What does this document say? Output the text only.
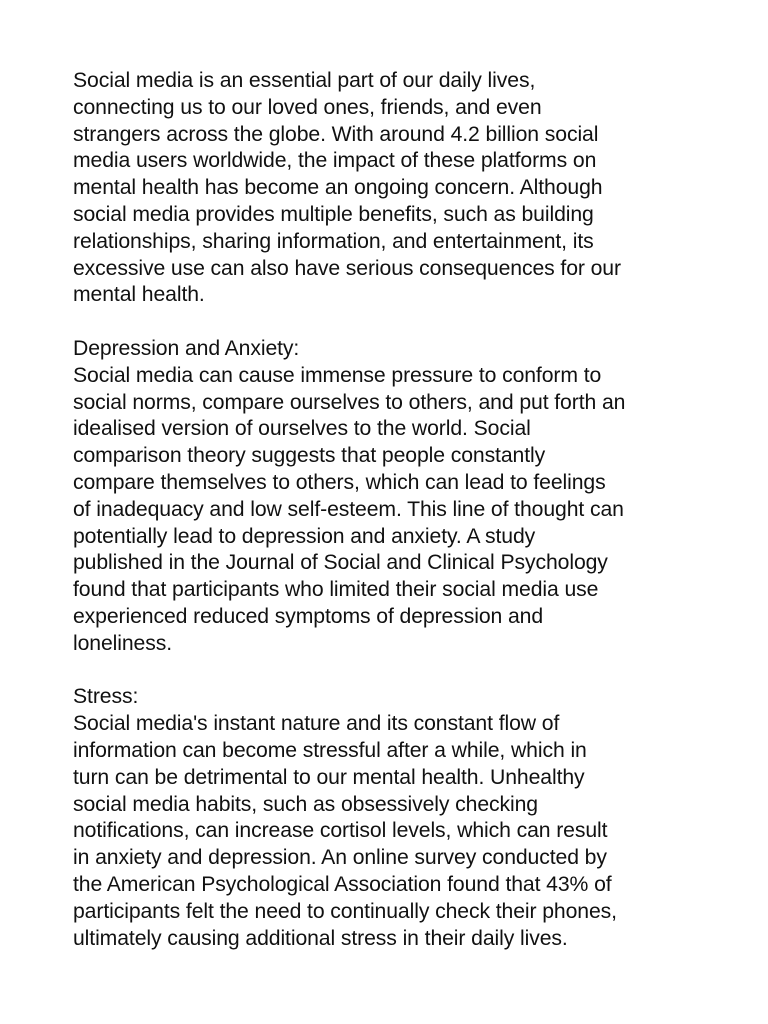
Social media is an essential part of our daily lives,
connecting us to our loved ones, friends, and even
strangers across the globe. With around 4.2 billion social
media users worldwide, the impact of these platforms on
mental health has become an ongoing concern. Although
social media provides multiple benefits, such as building
relationships, sharing information, and entertainment, its
excessive use can also have serious consequences for our
mental health.
Depression and Anxiety:
Social media can cause immense pressure to conform to
social norms, compare ourselves to others, and put forth an
idealised version of ourselves to the world. Social
comparison theory suggests that people constantly
compare themselves to others, which can lead to feelings
of inadequacy and low self-esteem. This line of thought can
potentially lead to depression and anxiety. A study
published in the Journal of Social and Clinical Psychology
found that participants who limited their social media use
experienced reduced symptoms of depression and
loneliness.
Stress:
Social media's instant nature and its constant flow of
information can become stressful after a while, which in
turn can be detrimental to our mental health. Unhealthy
social media habits, such as obsessively checking
notifications, can increase cortisol levels, which can result
in anxiety and depression. An online survey conducted by
the American Psychological Association found that 43% of
participants felt the need to continually check their phones,
ultimately causing additional stress in their daily lives.
